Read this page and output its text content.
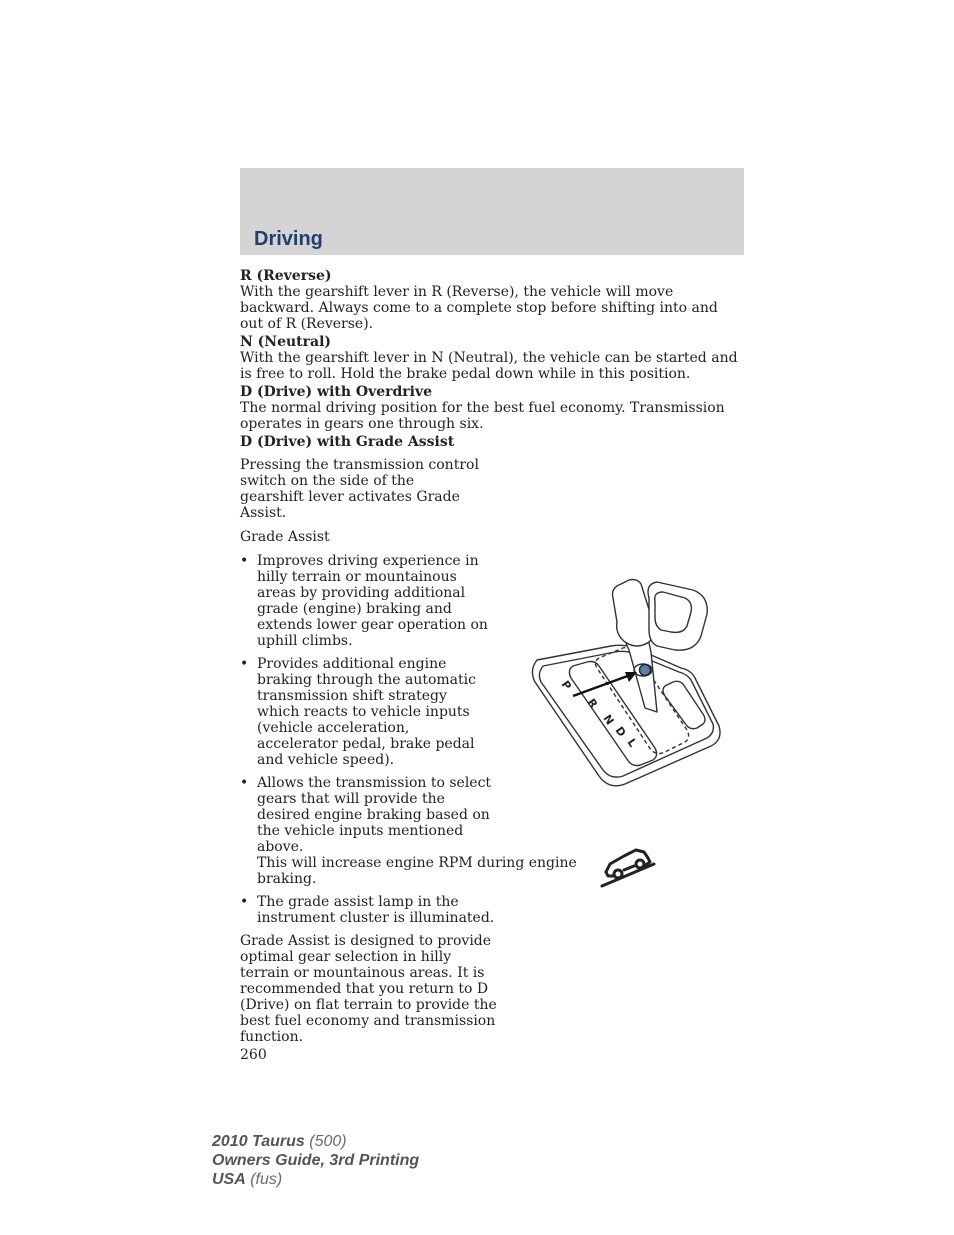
Driving

R (Reverse)

With the gearshift lever in R (Reverse), the vehicle will move backward. Always come to a complete stop before shifting into and out of R (Reverse).

N (Neutral)

With the gearshift lever in N (Neutral), the vehicle can be started and is free to roll. Hold the brake pedal down while in this position.

D (Drive) with Overdrive

The normal driving position for the best fuel economy. Transmission operates in gears one through six.

D (Drive) with Grade Assist

Pressing the transmission control switch on the side of the gearshift lever activates Grade Assist.

Grade Assist

• Improves driving experience in hilly terrain or mountainous areas by providing additional grade (engine) braking and extends lower gear operation on uphill climbs.
• Provides additional engine braking through the automatic transmission shift strategy which reacts to vehicle inputs (vehicle acceleration, accelerator pedal, brake pedal and vehicle speed).
• Allows the transmission to select gears that will provide the desired engine braking based on the vehicle inputs mentioned above.
This will increase engine RPM during engine braking.
• The grade assist lamp in the instrument cluster is illuminated.

Grade Assist is designed to provide optimal gear selection in hilly terrain or mountainous areas. It is recommended that you return to D (Drive) on flat terrain to provide the best fuel economy and transmission function.

260
P
R
N
D
L
2010 Taurus (500)
Owners Guide, 3rd Printing
USA (fus)
